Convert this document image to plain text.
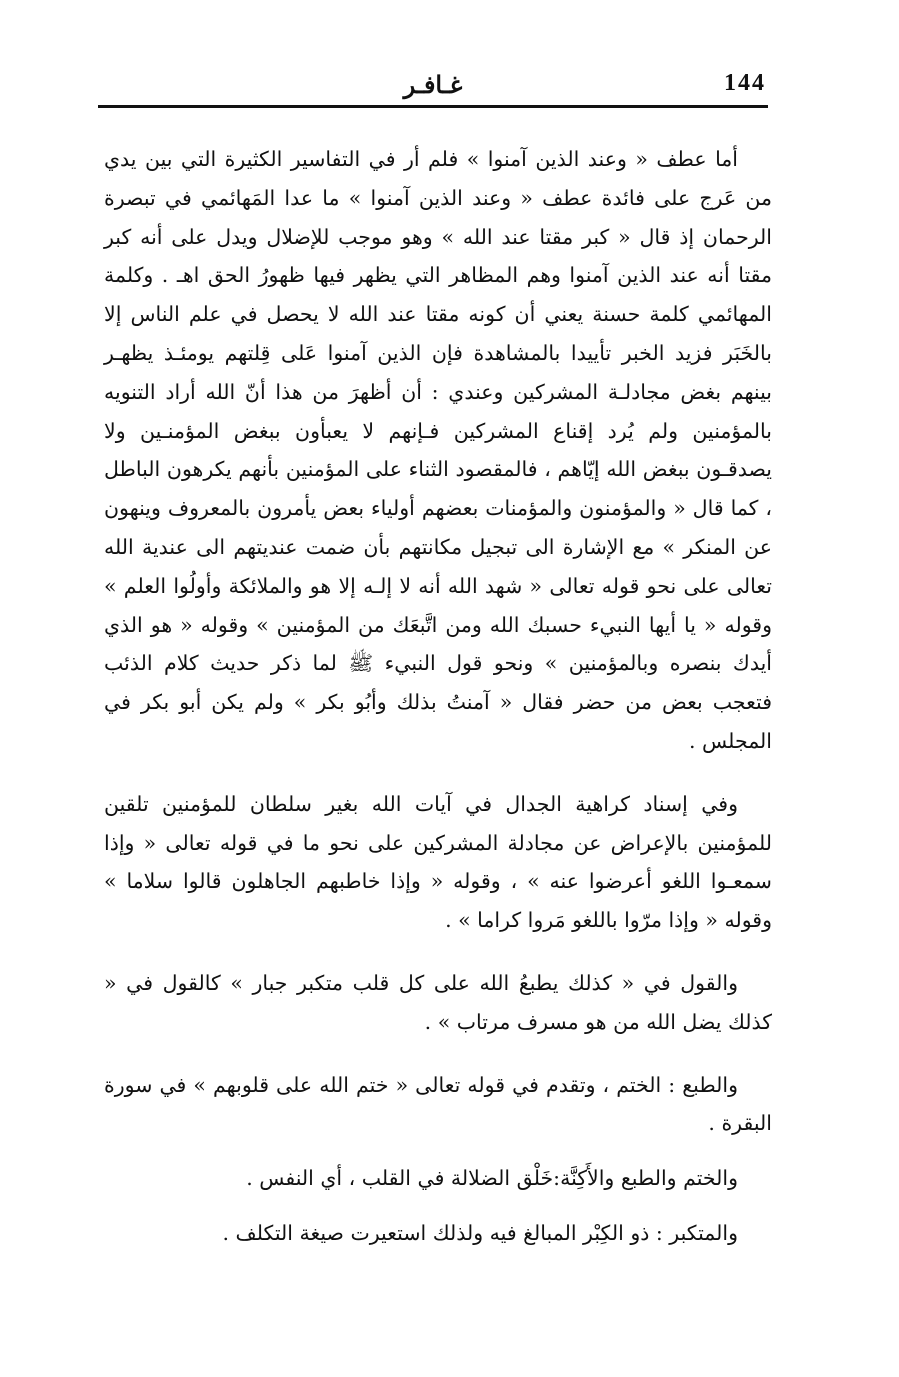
144
غـافـر

أما عطف « وعند الذين آمنوا » فلم أر في التفاسير الكثيرة التي بين يدي من عَرج على فائدة عطف « وعند الذين آمنوا » ما عدا المَهائمي في تبصرة الرحمان إذ قال « كبر مقتا عند الله » وهو موجب للإضلال ويدل على أنه كبر مقتا أنه عند الذين آمنوا وهم المظاهر التي يظهر فيها ظهورُ الحق اهـ . وكلمة المهائمي كلمة حسنة يعني أن كونه مقتا عند الله لا يحصل في علم الناس إلا بالخَبَر فزيد الخبر تأييدا بالمشاهدة فإن الذين آمنوا عَلى قِلتهم يومئـذ يظهـر بينهم بغض مجادلـة المشركين وعندي : أن أظهرَ من هذا أنّ الله أراد التنويه بالمؤمنين ولم يُرد إقناع المشركين فـإنهم لا يعبأون ببغض المؤمنـين ولا يصدقـون ببغض الله إيّاهم ، فالمقصود الثناء على المؤمنين بأنهم يكرهون الباطل ، كما قال « والمؤمنون والمؤمنات بعضهم أولياء بعض يأمرون بالمعروف وينهون عن المنكر » مع الإشارة الى تبجيل مكانتهم بأن ضمت عنديتهم الى عندية الله تعالى على نحو قوله تعالى « شهد الله أنه لا إلـه إلا هو والملائكة وأولُوا العلم » وقوله « يا أيها النبيء حسبك الله ومن اتَّبعَك من المؤمنين » وقوله « هو الذي أيدك بنصره وبالمؤمنين » ونحو قول النبيء ﷺ لما ذكر حديث كلام الذئب فتعجب بعض من حضر فقال « آمنتُ بذلك وأبُو بكر » ولم يكن أبو بكر في المجلس .

وفي إسناد كراهية الجدال في آيات الله بغير سلطان للمؤمنين تلقين للمؤمنين بالإعراض عن مجادلة المشركين على نحو ما في قوله تعالى « وإذا سمعـوا اللغو أعرضوا عنه » ، وقوله « وإذا خاطبهم الجاهلون قالوا سلاما » وقوله « وإذا مرّوا باللغو مَروا كراما » .

والقول في « كذلك يطبعُ الله على كل قلب متكبر جبار » كالقول في « كذلك يضل الله من هو مسرف مرتاب » .

والطبع : الختم ، وتقدم في قوله تعالى « ختم الله على قلوبهم » في سورة البقرة .

والختم والطبع والأَكِنَّة:خَلْق الضلالة في القلب ، أي النفس .

والمتكبر : ذو الكِبْر المبالغ فيه ولذلك استعيرت صيغة التكلف .
